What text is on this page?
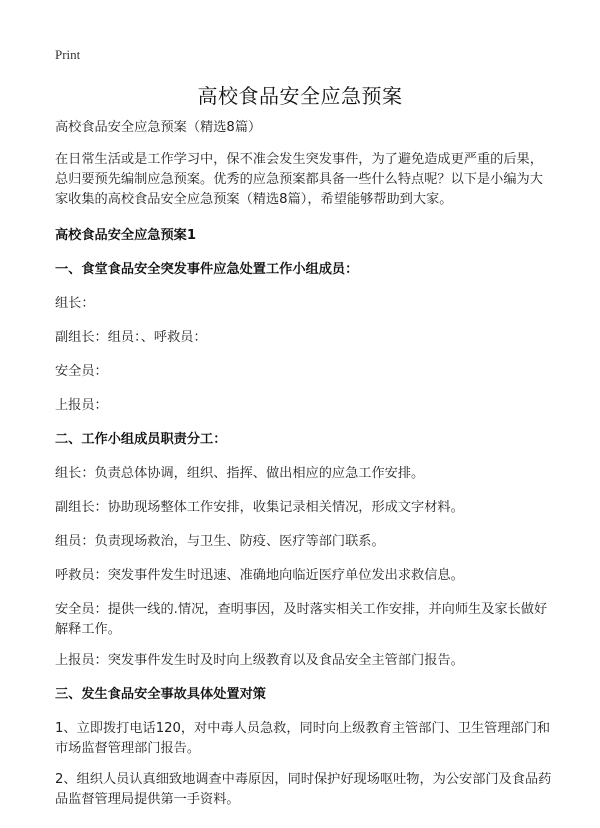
Print
高校食品安全应急预案

高校食品安全应急预案（精选8篇）

在日常生活或是工作学习中，保不准会发生突发事件，为了避免造成更严重的后果，总归要预先编制应急预案。优秀的应急预案都具备一些什么特点呢？以下是小编为大家收集的高校食品安全应急预案（精选8篇），希望能够帮助到大家。

高校食品安全应急预案1

一、食堂食品安全突发事件应急处置工作小组成员：

组长：

副组长：组员：、呼救员：

安全员：

上报员：

二、工作小组成员职责分工：

组长：负责总体协调，组织、指挥、做出相应的应急工作安排。

副组长：协助现场整体工作安排，收集记录相关情况，形成文字材料。

组员：负责现场救治，与卫生、防疫、医疗等部门联系。

呼救员：突发事件发生时迅速、准确地向临近医疗单位发出求救信息。

安全员：提供一线的.情况，查明事因，及时落实相关工作安排，并向师生及家长做好解释工作。

上报员：突发事件发生时及时向上级教育以及食品安全主管部门报告。

三、发生食品安全事故具体处置对策

1、立即拨打电话120，对中毒人员急救，同时向上级教育主管部门、卫生管理部门和市场监督管理部门报告。

2、组织人员认真细致地调查中毒原因，同时保护好现场呕吐物，为公安部门及食品药品监督管理局提供第一手资料。
